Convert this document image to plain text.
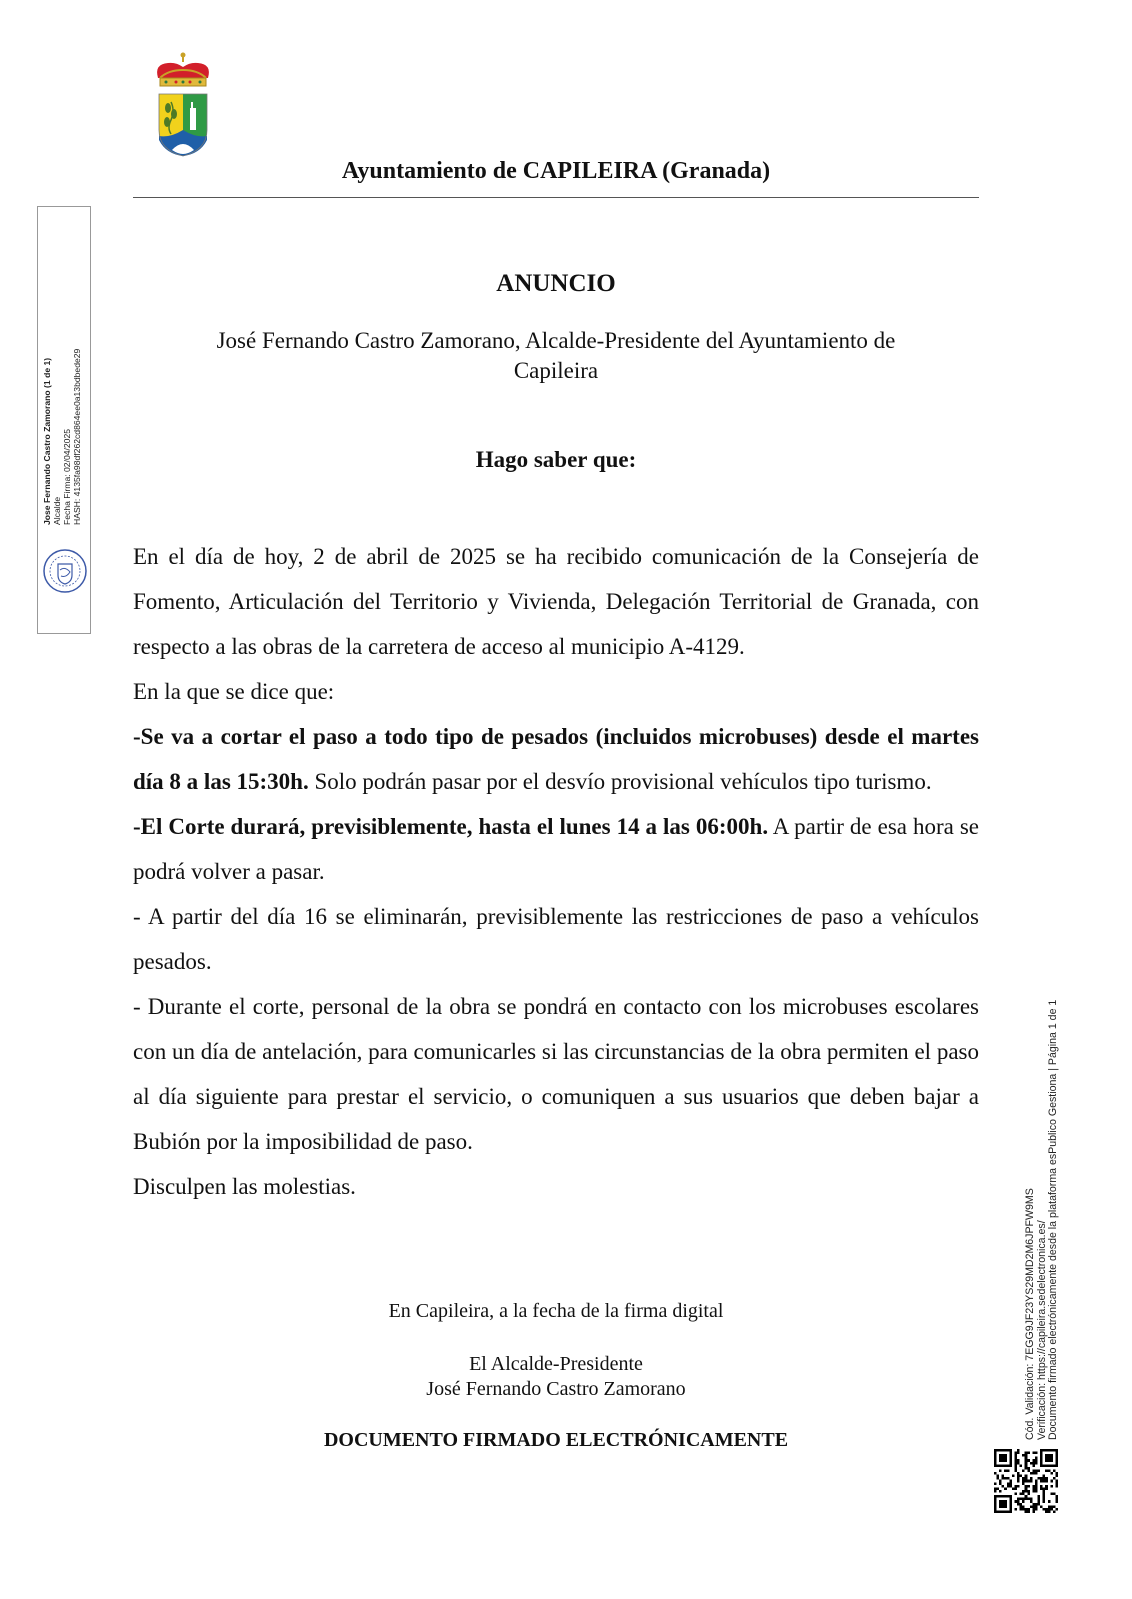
Ayuntamiento de CAPILEIRA (Granada)
Jose Fernando Castro Zamorano (1 de 1) Alcalde Fecha Firma: 02/04/2025 HASH: 4135fa98df262cd864ee0a13bdbede29
ANUNCIO
José Fernando Castro Zamorano, Alcalde-Presidente del Ayuntamiento de
Capileira
Hago saber que:

En el día de hoy, 2 de abril de 2025 se ha recibido comunicación de la Consejería de Fomento, Articulación del Territorio y Vivienda, Delegación Territorial de Granada, con respecto a las obras de la carretera de acceso al municipio A-4129.

En la que se dice que:

-Se va a cortar el paso a todo tipo de pesados (incluidos microbuses) desde el martes día 8 a las 15:30h. Solo podrán pasar por el desvío provisional vehículos tipo turismo.

-El Corte durará, previsiblemente, hasta el lunes 14 a las 06:00h. A partir de esa hora se podrá volver a pasar.

- A partir del día 16 se eliminarán, previsiblemente las restricciones de paso a vehículos pesados.

- Durante el corte, personal de la obra se pondrá en contacto con los microbuses escolares con un día de antelación, para comunicarles si las circunstancias de la obra permiten el paso al día siguiente para prestar el servicio, o comuniquen a sus usuarios que deben bajar a Bubión por la imposibilidad de paso.

Disculpen las molestias.

En Capileira, a la fecha de la firma digital
El Alcalde-Presidente
José Fernando Castro Zamorano
DOCUMENTO FIRMADO ELECTRÓNICAMENTE	Cód. Validación: 7EGG9JF23YS29MD2M6JPFW9MS Verificación: https://capileira.sedelectronica.es/ Documento firmado electrónicamente desde la plataforma esPublico Gestiona | Página 1 de 1
